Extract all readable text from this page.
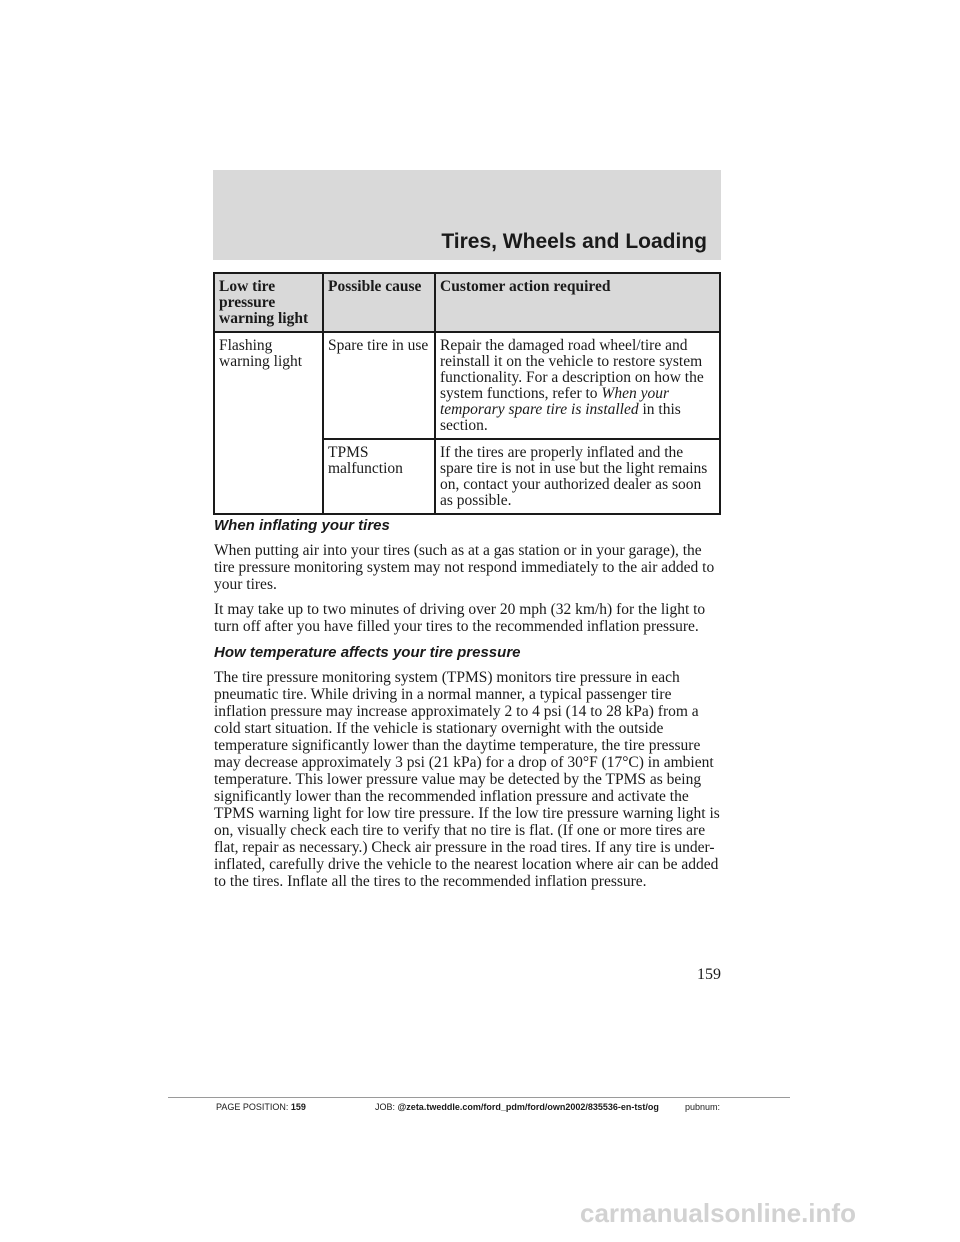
Tires, Wheels and Loading
Low tire pressure warning light	Possible cause	Customer action required
Flashing warning light	Spare tire in use	Repair the damaged road wheel/tire and reinstall it on the vehicle to restore system functionality. For a description on how the system functions, refer to When your temporary spare tire is installed in this section.
	TPMS malfunction	If the tires are properly inflated and the spare tire is not in use but the light remains on, contact your authorized dealer as soon as possible.
When inflating your tires

When putting air into your tires (such as at a gas station or in your garage), the tire pressure monitoring system may not respond immediately to the air added to your tires.

It may take up to two minutes of driving over 20 mph (32 km/h) for the light to turn off after you have filled your tires to the recommended inflation pressure.

How temperature affects your tire pressure

The tire pressure monitoring system (TPMS) monitors tire pressure in each pneumatic tire. While driving in a normal manner, a typical passenger tire inflation pressure may increase approximately 2 to 4 psi (14 to 28 kPa) from a cold start situation. If the vehicle is stationary overnight with the outside temperature significantly lower than the daytime temperature, the tire pressure may decrease approximately 3 psi (21 kPa) for a drop of 30°F (17°C) in ambient temperature. This lower pressure value may be detected by the TPMS as being significantly lower than the recommended inflation pressure and activate the TPMS warning light for low tire pressure. If the low tire pressure warning light is on, visually check each tire to verify that no tire is flat. (If one or more tires are flat, repair as necessary.) Check air pressure in the road tires. If any tire is under-inflated, carefully drive the vehicle to the nearest location where air can be added to the tires. Inflate all the tires to the recommended inflation pressure.

159
PAGE POSITION: 159	JOB: @zeta.tweddle.com/ford_pdm/ford/own2002/835536-en-tst/og	pubnum:
carmanualsonline.info
